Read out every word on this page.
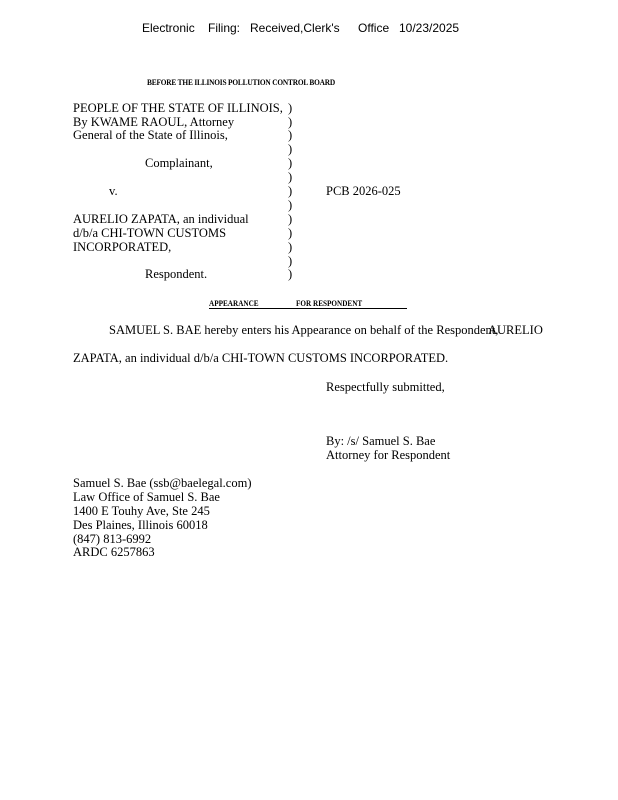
Electronic Filing: Received,Clerk's Office 10/23/2025
BEFORE THE ILLINOIS POLLUTION CONTROL BOARD
PEOPLE OF THE STATE OF ILLINOIS,
By KWAME RAOUL, Attorney
General of the State of Illinois,
Complainant,
v.	PCB 2026-025
AURELIO ZAPATA, an individual
d/b/a CHI-TOWN CUSTOMS
INCORPORATED,
Respondent.
)
)
)
)
)
)
)
)
)
)
)
)
)
APPEARANCE	FOR RESPONDENT
SAMUEL S. BAE hereby enters his Appearance on behalf of the Respondent,
AURELIO
ZAPATA, an individual d/b/a CHI-TOWN CUSTOMS INCORPORATED.
Respectfully submitted,
By: /s/ Samuel S. Bae
Attorney for Respondent
Samuel S. Bae (ssb@baelegal.com)
Law Office of Samuel S. Bae
1400 E Touhy Ave, Ste 245
Des Plaines, Illinois 60018
(847) 813-6992
ARDC 6257863
